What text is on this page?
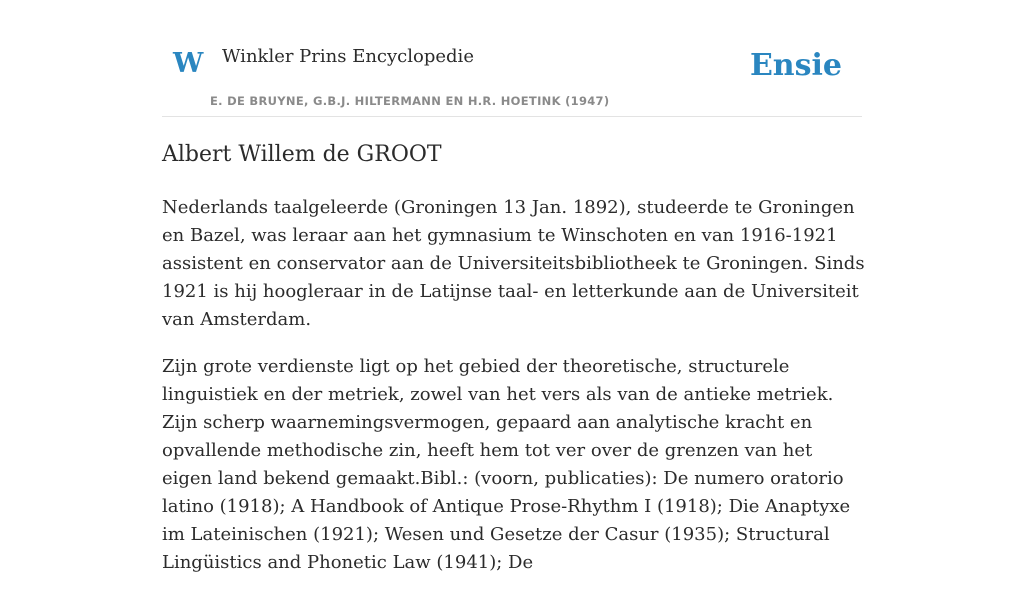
W Winkler Prins Encyclopedie
E. DE BRUYNE, G.B.J. HILTERMANN EN H.R. HOETINK (1947)
Ensie
Albert Willem de GROOT

Nederlands taalgeleerde (Groningen 13 Jan. 1892), studeerde te Groningen en Bazel, was leraar aan het gymnasium te Winschoten en van 1916-1921 assistent en conservator aan de Universiteitsbibliotheek te Groningen. Sinds 1921 is hij hoogleraar in de Latijnse taal- en letterkunde aan de Universiteit van Amsterdam.

Zijn grote verdienste ligt op het gebied der theoretische, structurele linguistiek en der metriek, zowel van het vers als van de antieke metriek. Zijn scherp waarnemingsvermogen, gepaard aan analytische kracht en opvallende methodische zin, heeft hem tot ver over de grenzen van het eigen land bekend gemaakt.Bibl.: (voorn, publicaties): De numero oratorio latino (1918); A Handbook of Antique Prose-Rhythm I (1918); Die Anaptyxe im Lateinischen (1921); Wesen und Gesetze der Casur (1935); Structural Lingüistics and Phonetic Law (1941); De
